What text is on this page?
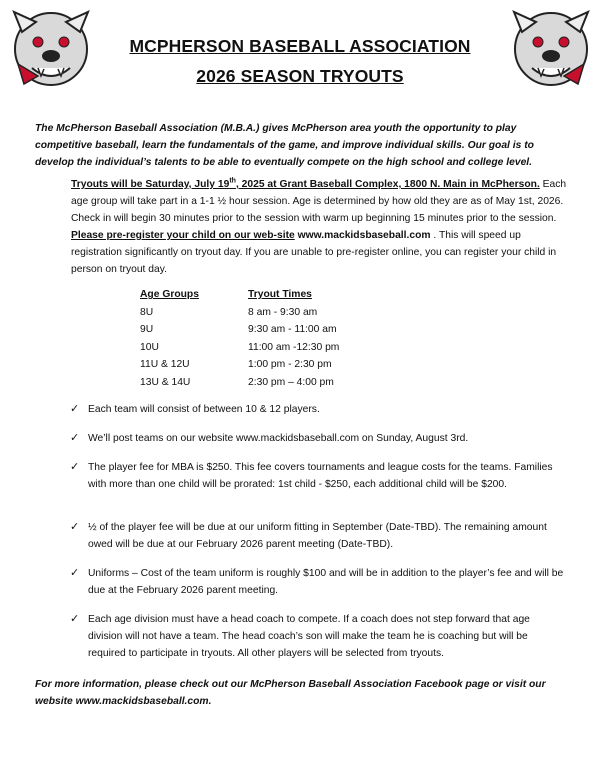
MCPHERSON BASEBALL ASSOCIATION
2026 SEASON TRYOUTS
The McPherson Baseball Association (M.B.A.) gives McPherson area youth the opportunity to play competitive baseball, learn the fundamentals of the game, and improve individual skills. Our goal is to develop the individual’s talents to be able to eventually compete on the high school and college level.
Tryouts will be Saturday, July 19th, 2025 at Grant Baseball Complex, 1800 N. Main in McPherson. Each age group will take part in a 1-1 ½ hour session. Age is determined by how old they are as of May 1st, 2026. Check in will begin 30 minutes prior to the session with warm up beginning 15 minutes prior to the session. Please pre-register your child on our web-site www.mackidsbaseball.com . This will speed up registration significantly on tryout day. If you are unable to pre-register online, you can register your child in person on tryout day.
Age Groups	Tryout Times
8U	8 am - 9:30 am
9U	9:30 am - 11:00 am
10U	11:00 am -12:30 pm
11U & 12U	1:00 pm - 2:30 pm
13U & 14U	2:30 pm – 4:00 pm
✓ Each team will consist of between 10 & 12 players.
✓ We’ll post teams on our website www.mackidsbaseball.com on Sunday, August 3rd.
✓ The player fee for MBA is $250. This fee covers tournaments and league costs for the teams. Families with more than one child will be prorated: 1st child - $250, each additional child will be $200.
✓ ½ of the player fee will be due at our uniform fitting in September (Date-TBD). The remaining amount owed will be due at our February 2026 parent meeting (Date-TBD).
✓ Uniforms – Cost of the team uniform is roughly $100 and will be in addition to the player’s fee and will be due at the February 2026 parent meeting.
✓ Each age division must have a head coach to compete. If a coach does not step forward that age division will not have a team. The head coach’s son will make the team he is coaching but will be required to participate in tryouts. All other players will be selected from tryouts.
For more information, please check out our McPherson Baseball Association Facebook page or visit our website www.mackidsbaseball.com.
